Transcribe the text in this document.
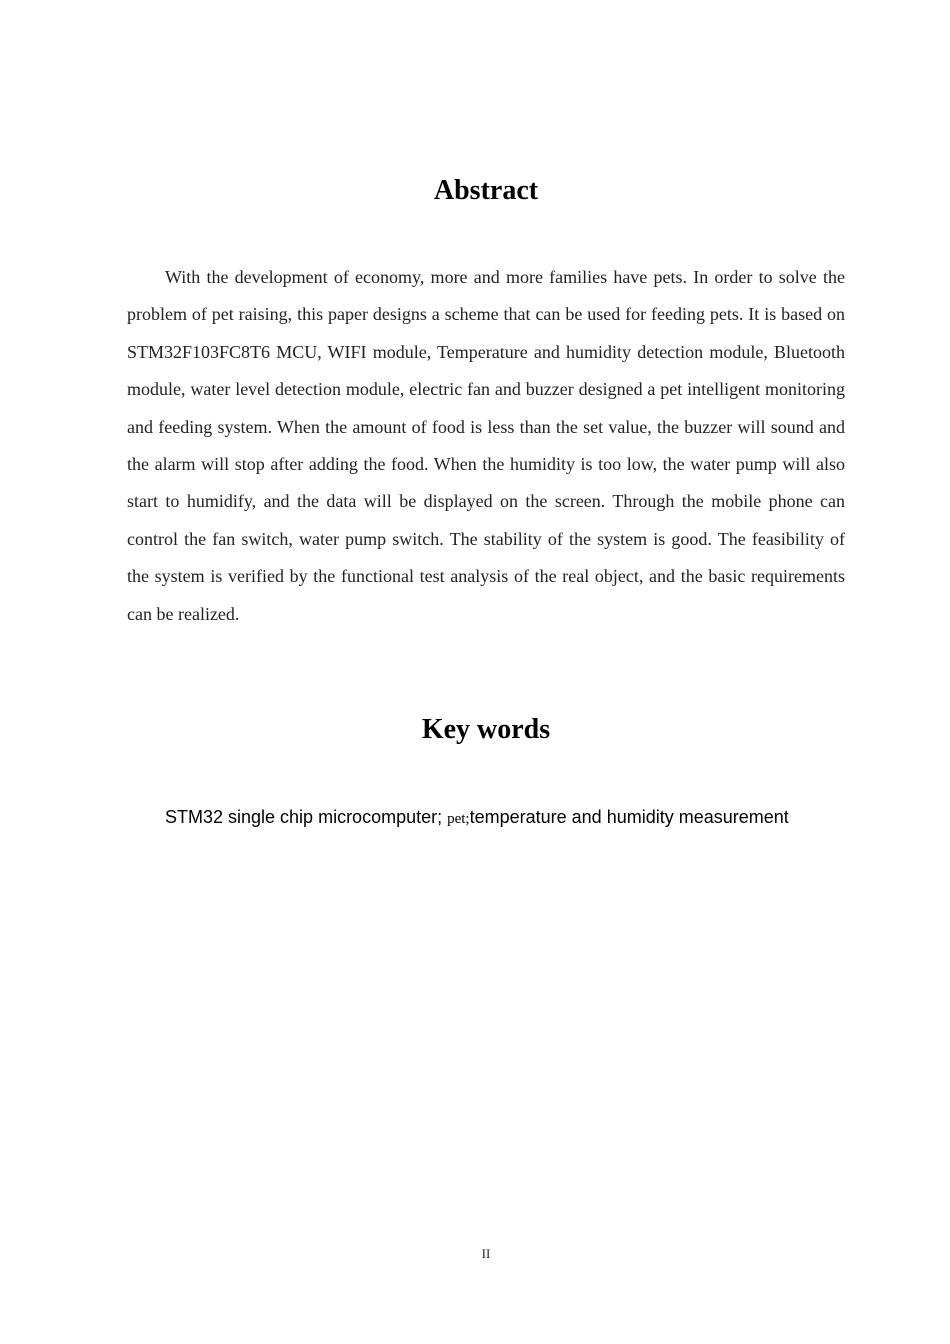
Abstract

With the development of economy, more and more families have pets. In order to solve the problem of pet raising, this paper designs a scheme that can be used for feeding pets. It is based on STM32F103FC8T6 MCU, WIFI module, Temperature and humidity detection module, Bluetooth module, water level detection module, electric fan and buzzer designed a pet intelligent monitoring and feeding system. When the amount of food is less than the set value, the buzzer will sound and the alarm will stop after adding the food. When the humidity is too low, the water pump will also start to humidify, and the data will be displayed on the screen. Through the mobile phone can control the fan switch, water pump switch. The stability of the system is good. The feasibility of the system is verified by the functional test analysis of the real object, and the basic requirements can be realized.

Key words

STM32 single chip microcomputer; pet;temperature and humidity measurement

II
